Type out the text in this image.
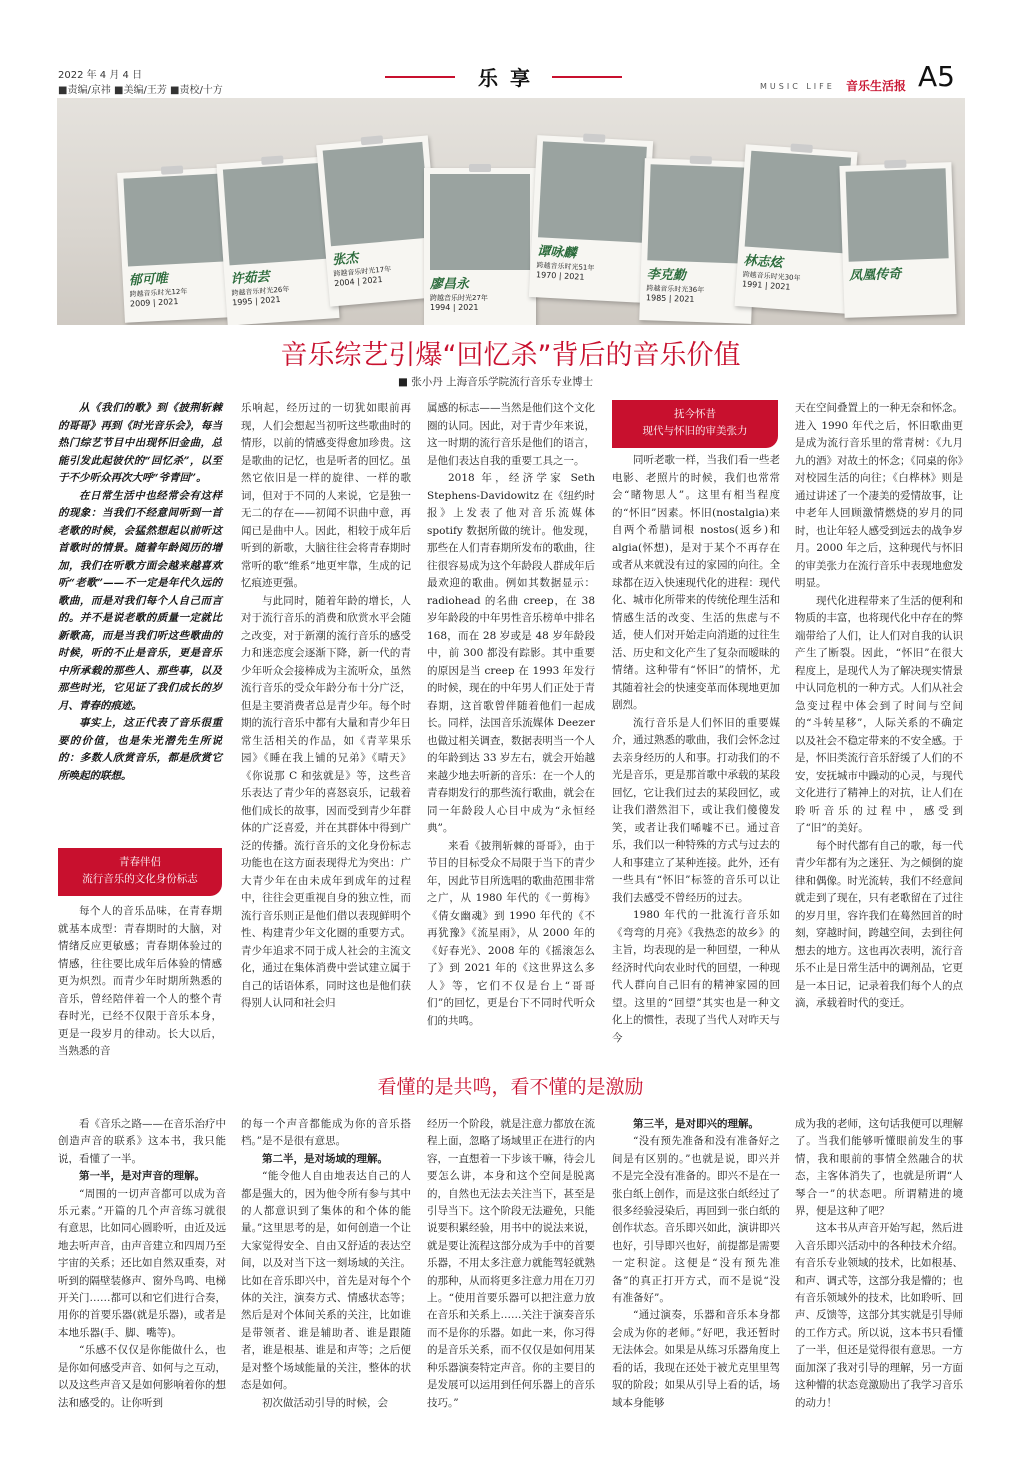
2022 年 4 月 4 日
■责编/京祎 ■美编/王芳 ■责校/十方
乐享	MUSIC LIFE 音乐生活报 A5
郁可唯
跨越音乐时光12年
2009 | 2021
许茹芸
跨越音乐时光26年
1995 | 2021
张杰
跨越音乐时光17年
2004 | 2021	廖昌永
跨越音乐时光27年
1994 | 2021
谭咏麟
跨越音乐时光51年
1970 | 2021	李克勤
跨越音乐时光36年
1985 | 2021
林志炫
跨越音乐时光30年
1991 | 2021
凤凰传奇
音乐综艺引爆“回忆杀”背后的音乐价值
■ 张小丹 上海音乐学院流行音乐专业博士

从《我们的歌》到《披荆斩棘的哥哥》再到《时光音乐会》，每当热门综艺节目中出现怀旧金曲，总能引发此起彼伏的“回忆杀”，以至于不少听众再次大呼“爷青回”。

在日常生活中也经常会有这样的现象：当我们不经意间听到一首老歌的时候，会猛然想起以前听这首歌时的情景。随着年龄阅历的增加，我们在听歌方面会越来越喜欢听“老歌”——不一定是年代久远的歌曲，而是对我们每个人自己而言的。并不是说老歌的质量一定就比新歌高，而是当我们听这些歌曲的时候，听的不止是音乐，更是音乐中所承载的那些人、那些事，以及那些时光，它见证了我们成长的岁月、青春的痕迹。

事实上，这正代表了音乐很重要的价值，也是朱光潜先生所说的：多数人欣赏音乐，都是欣赏它所唤起的联想。

青春伴侣
流行音乐的文化身份标志

每个人的音乐品味，在青春期就基本成型：青春期时的大脑，对情绪反应更敏感；青春期体验过的情感，往往要比成年后体验的情感更为炽烈。而青少年时期所熟悉的音乐，曾经陪伴着一个人的整个青春时光，已经不仅限于音乐本身，更是一段岁月的律动。长大以后，当熟悉的音

乐响起，经历过的一切犹如眼前再现，人们会想起当初听这些歌曲时的情形，以前的情感变得愈加珍贵。这是歌曲的记忆，也是听者的回忆。虽然它依旧是一样的旋律、一样的歌词，但对于不同的人来说，它是独一无二的存在——初闻不识曲中意，再闻已是曲中人。因此，相较于成年后听到的新歌，大脑往往会将青春期时常听的歌“维系”地更牢靠，生成的记忆痕迹更强。

与此同时，随着年龄的增长，人对于流行音乐的消费和欣赏水平会随之改变，对于新潮的流行音乐的感受力和迷恋度会逐渐下降，新一代的青少年听众会接棒成为主流听众，虽然流行音乐的受众年龄分布十分广泛，但是主要消费者总是青少年。每个时期的流行音乐中都有大量和青少年日常生活相关的作品，如《青苹果乐园》《睡在我上铺的兄弟》《晴天》《你说那 C 和弦就是》等，这些音乐表达了青少年的喜怒哀乐，记载着他们成长的故事，因而受到青少年群体的广泛喜爱，并在其群体中得到广泛的传播。流行音乐的文化身份标志功能也在这方面表现得尤为突出：广大青少年在由未成年到成年的过程中，往往会更重视自身的独立性，而流行音乐则正是他们借以表现鲜明个性、构建青少年文化圈的重要方式。青少年追求不同于成人社会的主流文化，通过在集体消费中尝试建立属于自己的话语体系，同时这也是他们获得别人认同和社会归

属感的标志——当然是他们这个文化圈的认同。因此，对于青少年来说，这一时期的流行音乐是他们的语言，是他们表达自我的重要工具之一。

2018 年，经济学家 Seth Stephens-Davidowitz 在《纽约时报》上发表了他对音乐流媒体 spotify 数据所做的统计。他发现，那些在人们青春期所发布的歌曲，往往很容易成为这个年龄段人群成年后最欢迎的歌曲。例如其数据显示：radiohead 的名曲 creep，在 38 岁年龄段的中年男性音乐榜单中排名 168，而在 28 岁或是 48 岁年龄段中，前 300 都没有踪影。其中重要的原因是当 creep 在 1993 年发行的时候，现在的中年男人们正处于青春期，这首歌曾伴随着他们一起成长。同样，法国音乐流媒体 Deezer 也做过相关调查，数据表明当一个人的年龄到达 33 岁左右，就会开始越来越少地去听新的音乐：在一个人的青春期发行的那些流行歌曲，就会在同一年龄段人心目中成为“永恒经典”。

来看《披荆斩棘的哥哥》，由于节目的目标受众不局限于当下的青少年，因此节目所选唱的歌曲范围非常之广，从 1980 年代的《一剪梅》《倩女幽魂》到 1990 年代的《不再犹豫》《流星雨》，从 2000 年的《好春光》、2008 年的《摇滚怎么了》到 2021 年的《这世界这么多人》等，它们不仅是台上“哥哥们”的回忆，更是台下不同时代听众们的共鸣。

抚今怀昔
现代与怀旧的审美张力

同听老歌一样，当我们看一些老电影、老照片的时候，我们也常常会“睹物思人”。这里有相当程度的“怀旧”因素。怀旧(nostalgia)来自两个希腊词根 nostos(返乡)和 algia(怀想)，是对于某个不再存在或者从来就没有过的家园的向往。全球都在迈入快速现代化的进程：现代化、城市化所带来的传统伦理生活和情感生活的改变、生活的焦虑与不适，使人们对开始走向消逝的过往生活、历史和文化产生了复杂而暧昧的情绪。这种带有“怀旧”的情怀，尤其随着社会的快速变革而体现地更加剧烈。

流行音乐是人们怀旧的重要媒介，通过熟悉的歌曲，我们会怀念过去亲身经历的人和事。打动我们的不光是音乐，更是那首歌中承载的某段回忆，它让我们过去的某段回忆，或让我们潜然泪下，或让我们傻傻发笑，或者让我们唏嘘不已。通过音乐，我们以一种特殊的方式与过去的人和事建立了某种连接。此外，还有一些具有“怀旧”标签的音乐可以让我们去感受不曾经历的过去。

1980 年代的一批流行音乐如《弯弯的月亮》《我热恋的故乡》的主旨，均表现的是一种回望，一种从经济时代向农业时代的回望，一种现代人群向自己旧有的精神家园的回望。这里的“回望”其实也是一种文化上的惯性，表现了当代人对昨天与今

天在空间叠置上的一种无奈和怀念。进入 1990 年代之后，怀旧歌曲更是成为流行音乐里的常青树：《九月九的酒》对故土的怀念；《同桌的你》对校园生活的向往；《白桦林》则是通过讲述了一个凄美的爱情故事，让中老年人回顾激情燃烧的岁月的同时，也让年轻人感受到远去的战争岁月。2000 年之后，这种现代与怀旧的审美张力在流行音乐中表现地愈发明显。

现代化进程带来了生活的便利和物质的丰富，也将现代化中存在的弊端带给了人们，让人们对自我的认识产生了断裂。因此，“怀旧”在很大程度上，是现代人为了解决现实情景中认同危机的一种方式。人们从社会急变过程中体会到了时间与空间的“斗转星移”，人际关系的不确定以及社会不稳定带来的不安全感。于是，怀旧类流行音乐舒缓了人们的不安，安抚城市中躁动的心灵，与现代文化进行了精神上的对抗，让人们在聆听音乐的过程中，感受到了“旧”的美好。

每个时代都有自己的歌，每一代青少年都有为之迷狂、为之倾倒的旋律和偶像。时光流转，我们不经意间就走到了现在，只有老歌留在了过往的岁月里，容许我们在蓦然回首的时刻，穿越时间，跨越空间，去到往何想去的地方。这也再次表明，流行音乐不止是日常生活中的调剂品，它更是一本日记，记录着我们每个人的点滴，承载着时代的变迁。

看懂的是共鸣，看不懂的是激励

看《音乐之路——在音乐治疗中创造声音的联系》这本书，我只能说，看懂了一半。

第一半，是对声音的理解。

“周围的一切声音都可以成为音乐元素。”开篇的几个声音练习就很有意思，比如同心圆聆听，由近及远地去听声音，由声音建立和四周乃至宇宙的关系；还比如自然双重奏，对听到的隔壁装修声、窗外鸟鸣、电梯开关门……都可以和它们进行合奏，用你的首要乐器(就是乐器)，或者是本地乐器(手、脚、嘴等)。

“乐感不仅仅是你能做什么，也是你如何感受声音、如何与之互动，以及这些声音又是如何影响着你的想法和感受的。让你听到

的每一个声音都能成为你的音乐搭档。”是不是很有意思。

第二半，是对场域的理解。

“能令他人自由地表达自己的人都是强大的，因为他令所有参与其中的人都意识到了集体的和个体的能量。”这里思考的是，如何创造一个让大家觉得安全、自由又舒适的表达空间，以及对当下这一刻场域的关注。比如在音乐即兴中，首先是对每个个体的关注，演奏方式、情感状态等；然后是对个体间关系的关注，比如谁是带领者、谁是辅助者、谁是跟随者，谁是根基、谁是和声等；之后便是对整个场域能量的关注，整体的状态是如何。

初次做活动引导的时候，会

经历一个阶段，就是注意力都放在流程上面，忽略了场域里正在进行的内容，一直想着一下步该干嘛，待会儿要怎么讲，本身和这个空间是脱离的，自然也无法去关注当下，甚至是引导当下。这个阶段无法避免，只能说要积累经验，用书中的说法来说，就是要让流程这部分成为手中的首要乐器，不用太多注意力就能驾轻就熟的那种，从而将更多注意力用在刀刃上。“使用首要乐器可以把注意力放在音乐和关系上……关注于演奏音乐而不是你的乐器。如此一来，你习得的是音乐关系，而不仅仅是如何用某种乐器演奏特定声音。你的主要目的是发展可以运用到任何乐器上的音乐技巧。”

第三半，是对即兴的理解。

“没有预先准备和没有准备好之间是有区别的。”也就是说，即兴并不是完全没有准备的。即兴不是在一张白纸上创作，而是这张白纸经过了很多经验浸染后，再回到一张白纸的创作状态。音乐即兴如此，演讲即兴也好，引导即兴也好，前提都是需要一定积淀。这便是“没有预先准备”的真正打开方式，而不是说“没有准备好”。

“通过演奏，乐器和音乐本身都会成为你的老师。”好吧，我还暂时无法体会。如果是从练习乐器角度上看的话，我现在还处于被尤克里里驾驭的阶段；如果从引导上看的话，场域本身能够

成为我的老师，这句话我便可以理解了。当我们能够听懂眼前发生的事情，我和眼前的事情全然融合的状态，主客体消失了，也就是所谓“人琴合一”的状态吧。所谓精进的境界，便是这种了吧？

这本书从声音开始写起，然后进入音乐即兴活动中的各种技术介绍。有音乐专业领域的技术，比如根基、和声、调式等，这部分我是懵的；也有音乐领域外的技术，比如聆听、回声、反馈等，这部分其实就是引导师的工作方式。所以说，这本书只看懂了一半，但还是觉得很有意思。一方面加深了我对引导的理解，另一方面这种懵的状态竟激励出了我学习音乐的动力！
